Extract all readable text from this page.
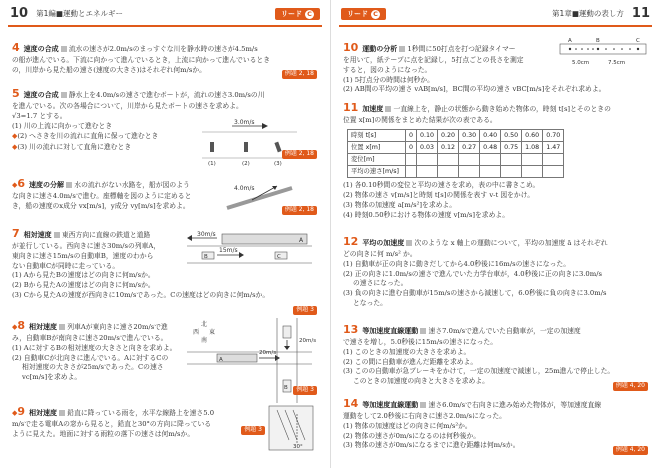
10 第1編■運動とエネルギー	リード C
4 速度の合成 流水の速さが2.0m/sのまっすぐな川を静水時の速さが4.5m/s
の船が進んでいる。下流に向かって進んでいるとき，上流に向かって進んでいるとき
の，川岸から見た船の速さ(速度の大きさ)はそれぞれ何m/sか。	例題 2, 18
5 速度の合成 静水上を4.0m/sの速さで進むボートが，流れの速さ3.0m/sの川
を進んでいる。次の各場合について，川岸から見たボートの速さを求めよ。
√3=1.7 とする。
(1) 川の上流に向かって進むとき
◆(2) へさきを川の流れに直角に保って進むとき
◆(3) 川の流れに対して直角に進むとき
3.0m/s
(1)	(2)	(3)
例題 2, 18
◆6 速度の分解 水の流れがない水路を，船が図のよう
な向きに速さ4.0m/sで進む。座標軸を図のように定めると
き，船の速度のx成分 vx[m/s]，y成分 vy[m/s]を求めよ。
4.0m/s
例題 2, 18
7 相対速度 東西方向に直線の鉄道と道路
が並行している。西向きに速さ30m/sの列車A，
東向きに速さ15m/sの自動車B，速度のわから
ない自動車Cが同時に走っている。
(1) Aから見たBの速度はどの向きに何m/sか。
(2) Bから見たAの速度はどの向きに何m/sか。
(3) Cから見たAの速度が西向きに10m/sであった。Cの速度はどの向きに何m/sか。
30m/s
A
B
15m/s
C
例題 3
◆8 相対速度 列車Aが東向きに速さ20m/sで進
み，自動車Bが南向きに速さ20m/sで進んでいる。
(1) Aに対するBの相対速度の大きさと向きを求めよ。
(2) 自動車Cが北向きに進んでいる。Aに対するCの
相対速度の大きさが25m/sであった。Cの速さ
vc[m/s]を求めよ。
北
西 東
南
A
20m/s
20m/s
B	例題 3
◆9 相対速度 鉛直に降っている雨を，水平な線路上を速さ5.0
m/sで走る電車Aの窓から見ると，鉛直と30°の方向に降っている
ように見えた。地面に対する雨粒の落下の速さは何m/sか。
30°
例題 3
リード C	第1章■運動の表し方 11
10 運動の分析 1秒間に50打点を打つ記録タイマー
を用いて，紙テープに点を記録し，5打点ごとの長さを測定
すると，図のようになった。
(1) 5打点分の時間は何秒か。
(2) AB間の平均の速さ vAB[m/s]，BC間の平均の速さ vBC[m/s]をそれぞれ求めよ。
A	B	C
5.0cm	7.5cm
11 加速度 一直線上を，静止の状態から動き始めた物体の，時刻 t[s]とそのときの
位置 x[m]の関係をまとめた結果が次の表である。
時刻 t[s]	0	0.10	0.20	0.30	0.40	0.50	0.60	0.70
位置 x[m]	0	0.03	0.12	0.27	0.48	0.75	1.08	1.47
変位[m]								
平均の速さ[m/s]								
(1) 各0.10秒間の変位と平均の速さを求め，表の中に書きこめ。
(2) 物体の速さ v[m/s]と時刻 t[s]の関係を表す v-t 図をかけ。
(3) 物体の加速度 a[m/s²]を求めよ。
(4) 時刻0.50秒における物体の速度 v[m/s]を求めよ。
12 平均の加速度 次のような x 軸上の運動について，平均の加速度 ā はそれぞれ
どの向きに何 m/s² か。
(1) 自動車が正の向きに動きだしてから4.0秒後に16m/sの速さになった。
(2) 正の向きに1.0m/sの速さで進んでいた力学台車が，4.0秒後に正の向きに3.0m/s
の速さになった。
(3) 負の向きに進む自動車が15m/sの速さから減速して，6.0秒後に負の向きに3.0m/s
となった。
13 等加速度直線運動 速さ7.0m/sで進んでいた自動車が，一定の加速度
で速さを増し，5.0秒後に15m/sの速さになった。
(1) このときの加速度の大きさを求めよ。
(2) この間に自動車が進んだ距離を求めよ。
(3) このの自動車が急ブレーキをかけて，一定の加速度で減速し，25m進んで停止した。
このときの加速度の向きと大きさを求めよ。
例題 4, 20
14 等加速度直線運動 速さ6.0m/sで右向きに進み始めた物体が，等加速度直線
運動をして2.0秒後に右向きに速さ2.0m/sになった。
(1) 物体の加速度はどの向きに何m/s²か。
(2) 物体の速さが0m/sになるのは何秒後か。
(3) 物体の速さが0m/sになるまでに進む距離は何m/sか。
例題 4, 20
